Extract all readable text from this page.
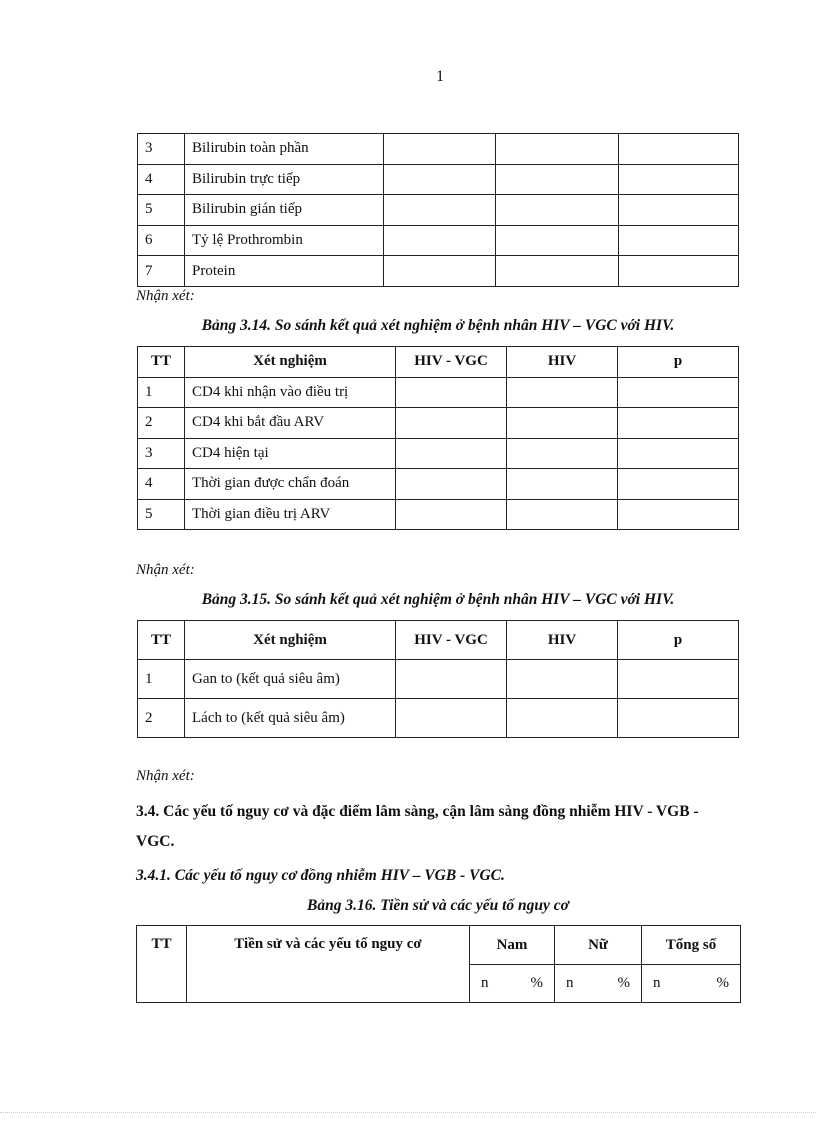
1
3	Bilirubin toàn phần			
4	Bilirubin trực tiếp			
5	Bilirubin gián tiếp			
6	Tỷ lệ Prothrombin			
7	Protein			
Nhận xét:
Bảng 3.14. So sánh kết quả xét nghiệm ở bệnh nhân HIV – VGC với HIV.
TT	Xét nghiệm	HIV - VGC	HIV	p
1	CD4 khi nhận vào điều trị			
2	CD4 khi bắt đầu ARV			
3	CD4 hiện tại			
4	Thời gian được chẩn đoán			
5	Thời gian điều trị ARV			
Nhận xét:
Bảng 3.15. So sánh kết quả xét nghiệm ở bệnh nhân HIV – VGC với HIV.
TT	Xét nghiệm	HIV - VGC	HIV	p
1	Gan to (kết quả siêu âm)			
2	Lách to (kết quả siêu âm)			
Nhận xét:
3.4. Các yếu tố nguy cơ và đặc điểm lâm sàng, cận lâm sàng đồng nhiễm HIV - VGB - VGC.
3.4.1. Các yếu tố nguy cơ đồng nhiễm HIV – VGB - VGC.
Bảng 3.16. Tiền sử và các yếu tố nguy cơ
TT	Tiền sử và các yếu tố nguy cơ	Nam	Nữ	Tổng số

		n %	n %	n %
